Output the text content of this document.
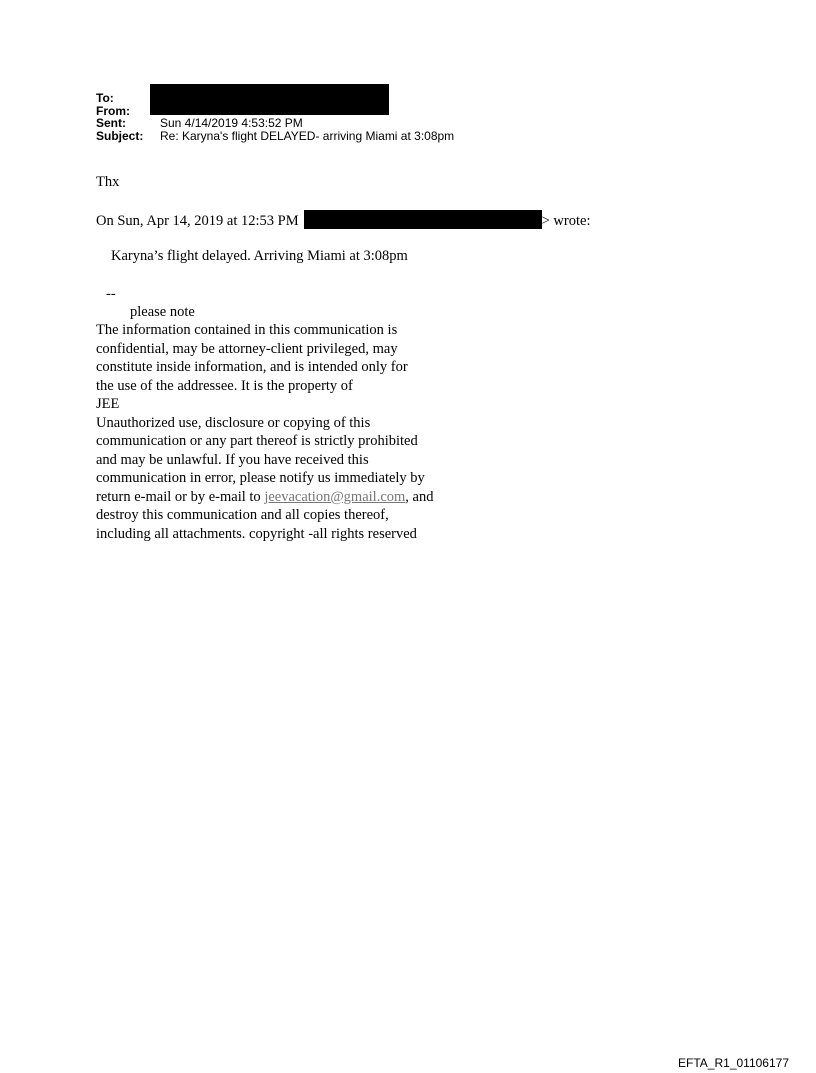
To:
From:	J
Sent:	Sun 4/14/2019 4:53:52 PM
Subject:	Re: Karyna's flight DELAYED- arriving Miami at 3:08pm
Thx
On Sun, Apr 14, 2019 at 12:53 PM	> wrote:
Karyna’s flight delayed. Arriving Miami at 3:08pm
--
please note
The information contained in this communication is
confidential, may be attorney-client privileged, may
constitute inside information, and is intended only for
the use of the addressee. It is the property of
JEE
Unauthorized use, disclosure or copying of this
communication or any part thereof is strictly prohibited
and may be unlawful. If you have received this
communication in error, please notify us immediately by
return e-mail or by e-mail to jeevacation@gmail.com, and
destroy this communication and all copies thereof,
including all attachments. copyright -all rights reserved
EFTA_R1_01106177
